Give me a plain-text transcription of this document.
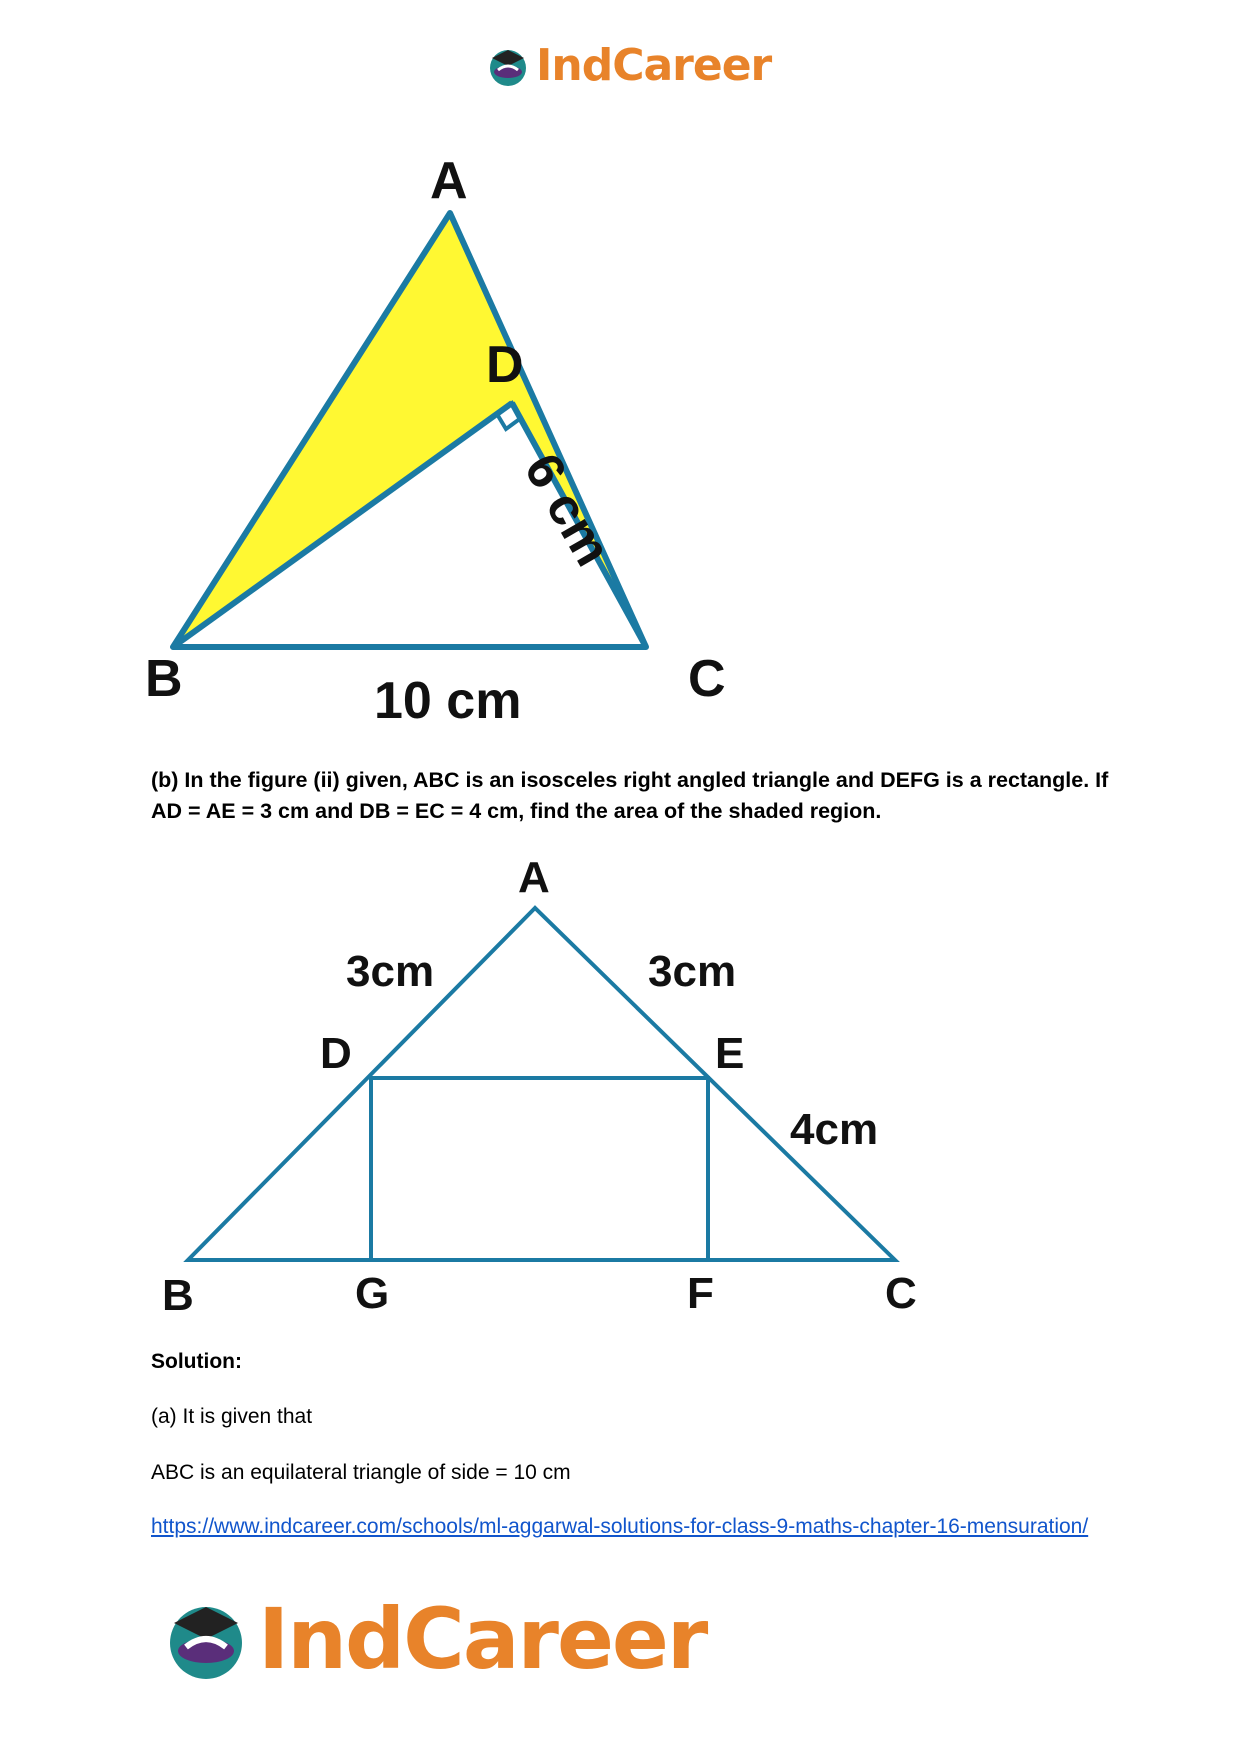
IndCareer
A
D
B	C
10 cm
6 cm
(b) In the figure (ii) given, ABC is an isosceles right angled triangle and DEFG is a rectangle. If AD = AE = 3 cm and DB = EC = 4 cm, find the area of the shaded region.
A
3cm	3cm
D	E
4cm
B	G	F	C
Solution:
(a) It is given that
ABC is an equilateral triangle of side = 10 cm
https://www.indcareer.com/schools/ml-aggarwal-solutions-for-class-9-maths-chapter-16-mensuration/
IndCareer
